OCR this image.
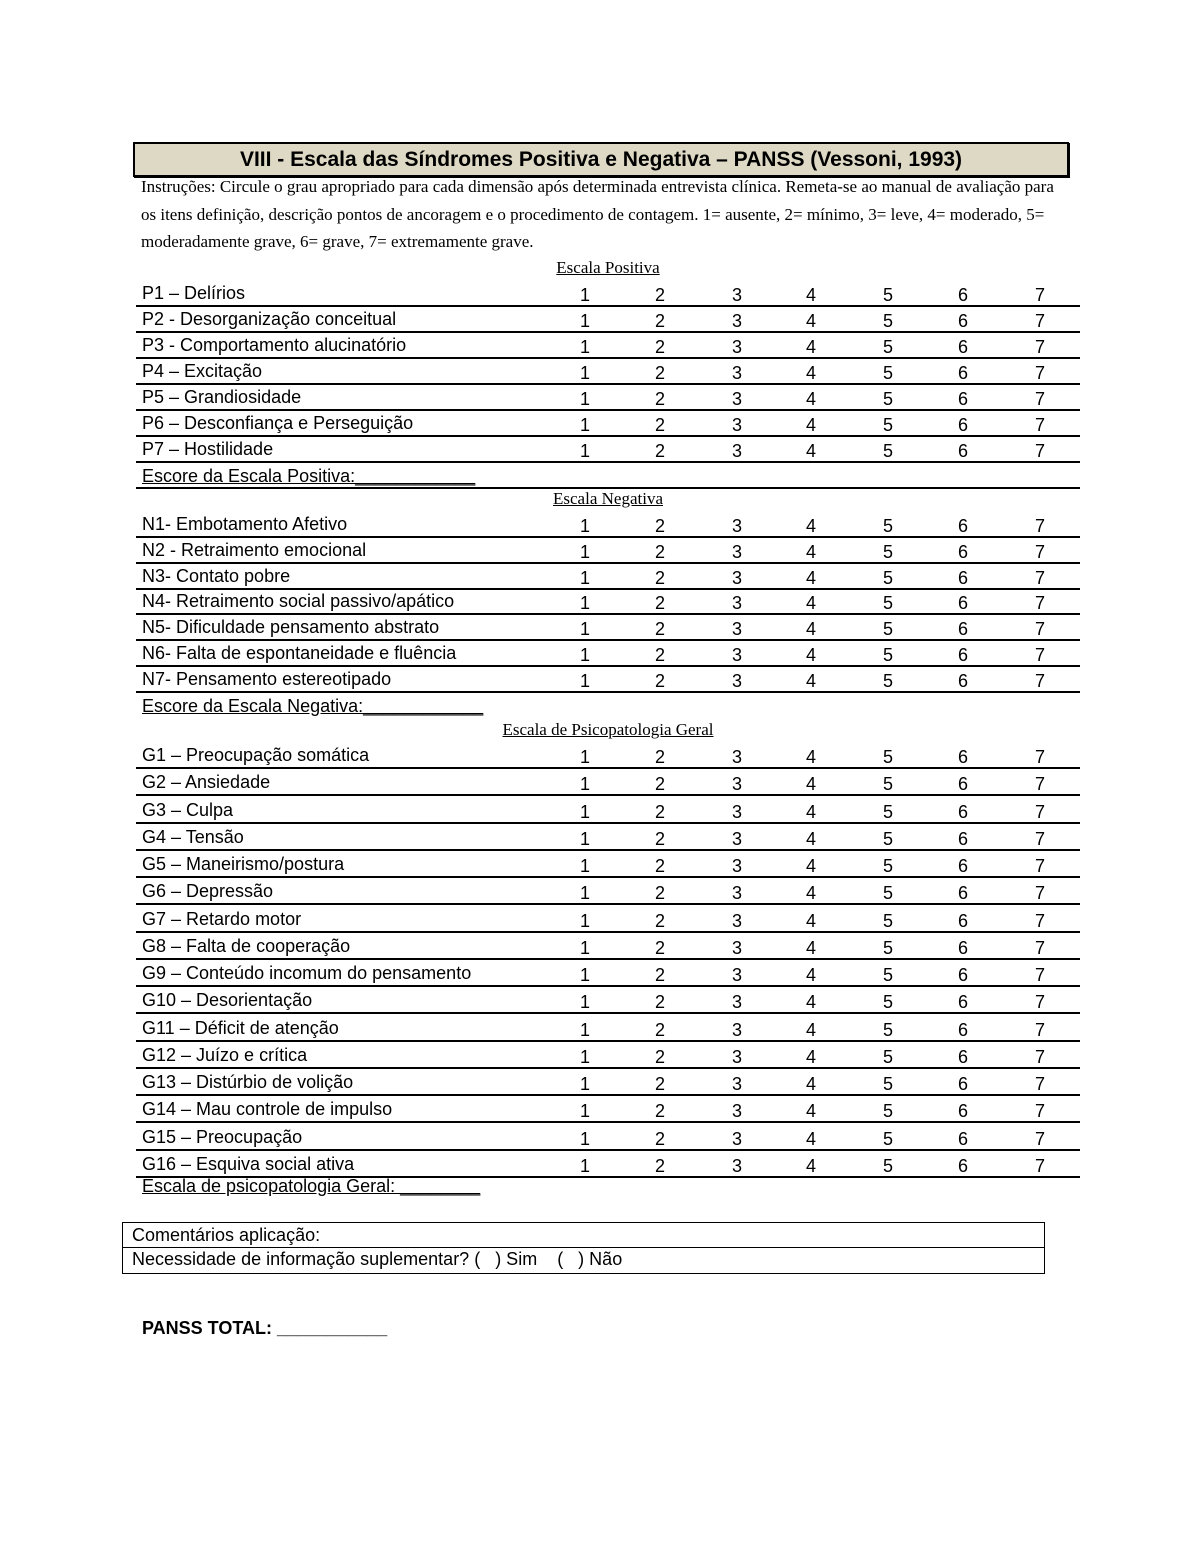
VIII - Escala das Síndromes Positiva e Negativa – PANSS (Vessoni, 1993)
Instruções: Circule o grau apropriado para cada dimensão após determinada entrevista clínica. Remeta-se ao manual de avaliação para os itens definição, descrição pontos de ancoragem e o procedimento de contagem. 1= ausente, 2= mínimo, 3= leve, 4= moderado, 5= moderadamente grave, 6= grave, 7= extremamente grave.
Escala Positiva
P1 – Delírios	1	2	3	4	5	6	7
P2 - Desorganização conceitual	1	2	3	4	5	6	7
P3 - Comportamento alucinatório	1	2	3	4	5	6	7
P4 – Excitação	1	2	3	4	5	6	7
P5 – Grandiosidade	1	2	3	4	5	6	7
P6 – Desconfiança e Perseguição	1	2	3	4	5	6	7
P7 – Hostilidade	1	2	3	4	5	6	7
Escore da Escala Positiva:____________
Escala Negativa
N1- Embotamento Afetivo	1	2	3	4	5	6	7
N2 - Retraimento emocional	1	2	3	4	5	6	7
N3- Contato pobre	1	2	3	4	5	6	7
N4- Retraimento social passivo/apático	1	2	3	4	5	6	7
N5- Dificuldade pensamento abstrato	1	2	3	4	5	6	7
N6- Falta de espontaneidade e fluência	1	2	3	4	5	6	7
N7- Pensamento estereotipado	1	2	3	4	5	6	7
Escore da Escala Negativa:____________
Escala de Psicopatologia Geral
G1 – Preocupação somática	1	2	3	4	5	6	7
G2 – Ansiedade	1	2	3	4	5	6	7
G3 – Culpa	1	2	3	4	5	6	7
G4 – Tensão	1	2	3	4	5	6	7
G5 – Maneirismo/postura	1	2	3	4	5	6	7
G6 – Depressão	1	2	3	4	5	6	7
G7 – Retardo motor	1	2	3	4	5	6	7
G8 – Falta de cooperação	1	2	3	4	5	6	7
G9 – Conteúdo incomum do pensamento	1	2	3	4	5	6	7
G10 – Desorientação	1	2	3	4	5	6	7
G11 – Déficit de atenção	1	2	3	4	5	6	7
G12 – Juízo e crítica	1	2	3	4	5	6	7
G13 – Distúrbio de volição	1	2	3	4	5	6	7
G14 – Mau controle de impulso	1	2	3	4	5	6	7
G15 – Preocupação	1	2	3	4	5	6	7
G16 – Esquiva social ativa	1	2	3	4	5	6	7
Escala de psicopatologia Geral: ________
Comentários aplicação:
Necessidade de informação suplementar? (   ) Sim    (   ) Não
PANSS TOTAL: ___________
